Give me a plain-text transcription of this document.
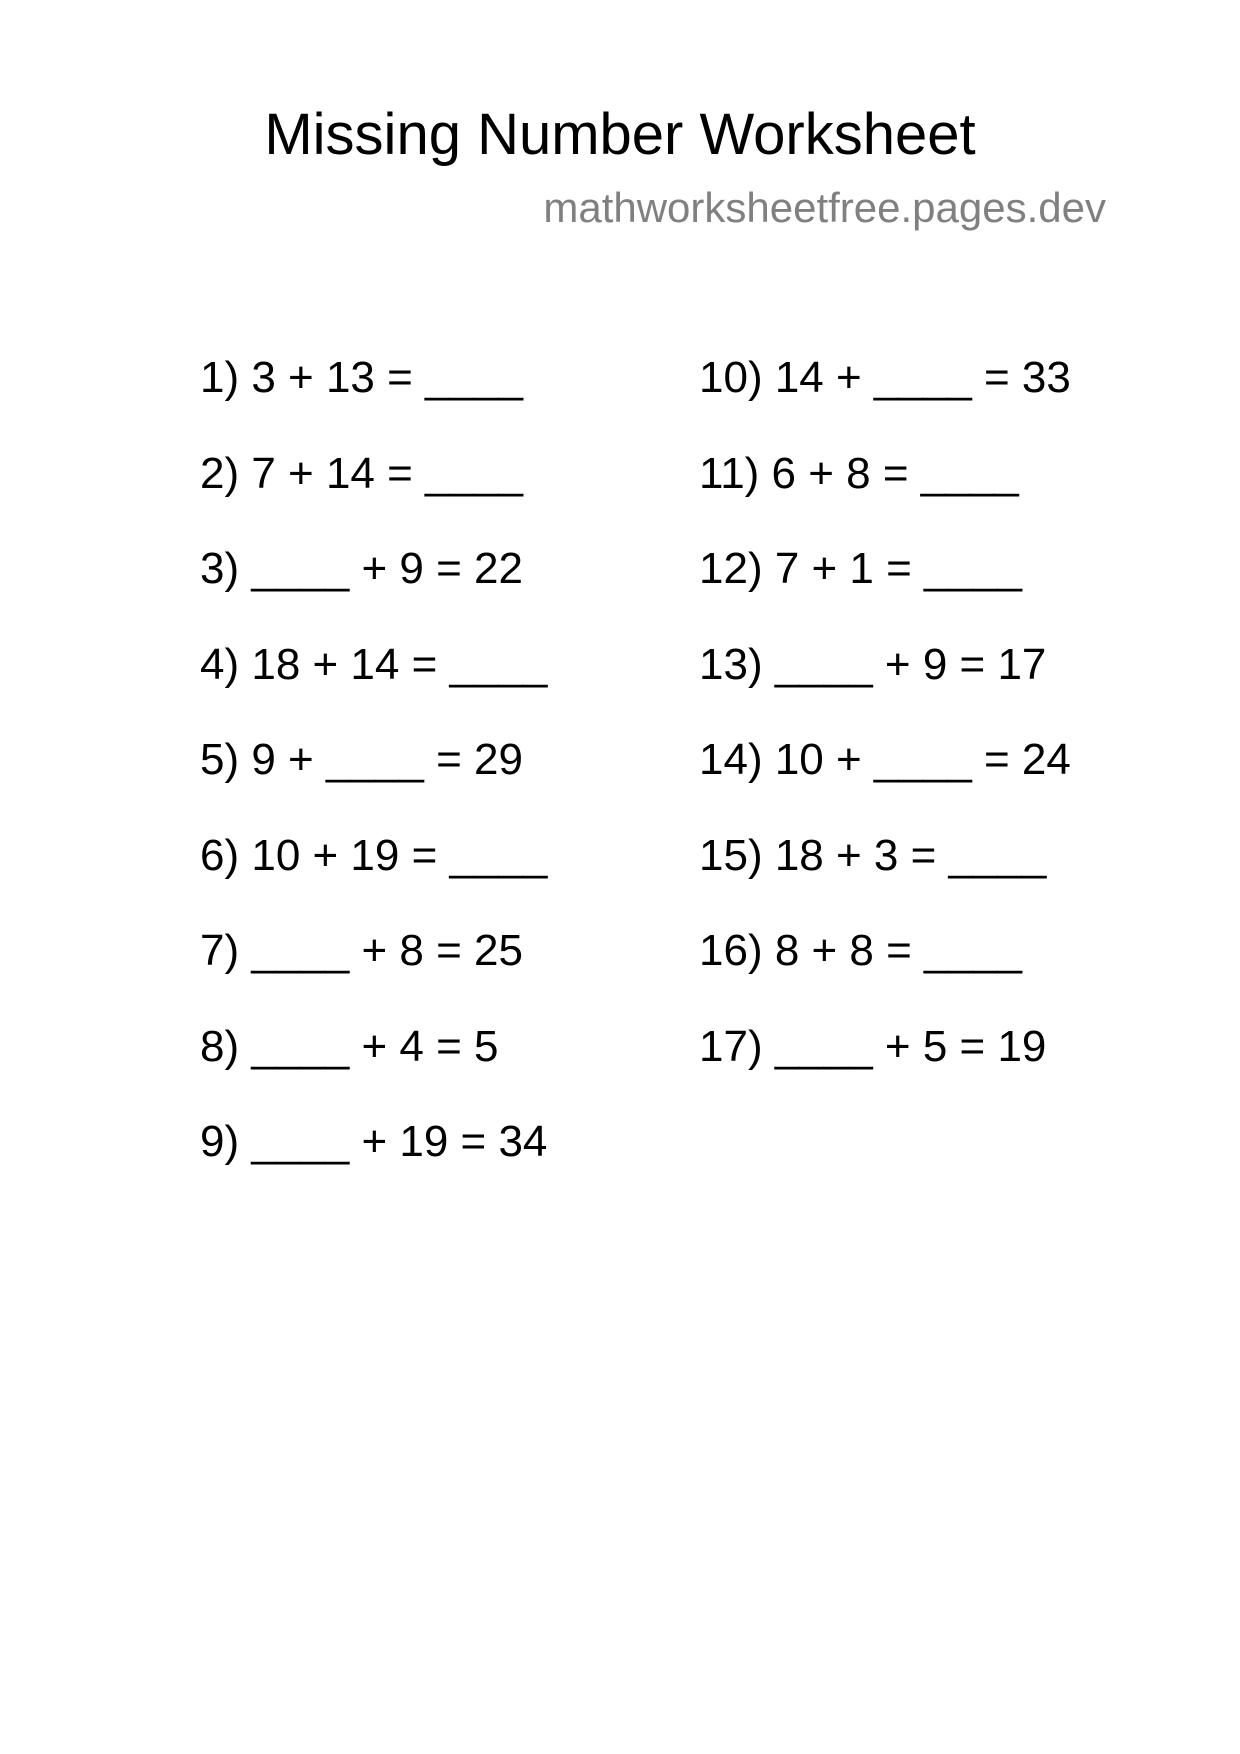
Missing Number Worksheet
mathworksheetfree.pages.dev
1) 3 + 13 = ____
2) 7 + 14 = ____
3) ____ + 9 = 22
4) 18 + 14 = ____
5) 9 + ____ = 29
6) 10 + 19 = ____
7) ____ + 8 = 25
8) ____ + 4 = 5
9) ____ + 19 = 34
10) 14 + ____ = 33
11) 6 + 8 = ____
12) 7 + 1 = ____
13) ____ + 9 = 17
14) 10 + ____ = 24
15) 18 + 3 = ____
16) 8 + 8 = ____
17) ____ + 5 = 19
